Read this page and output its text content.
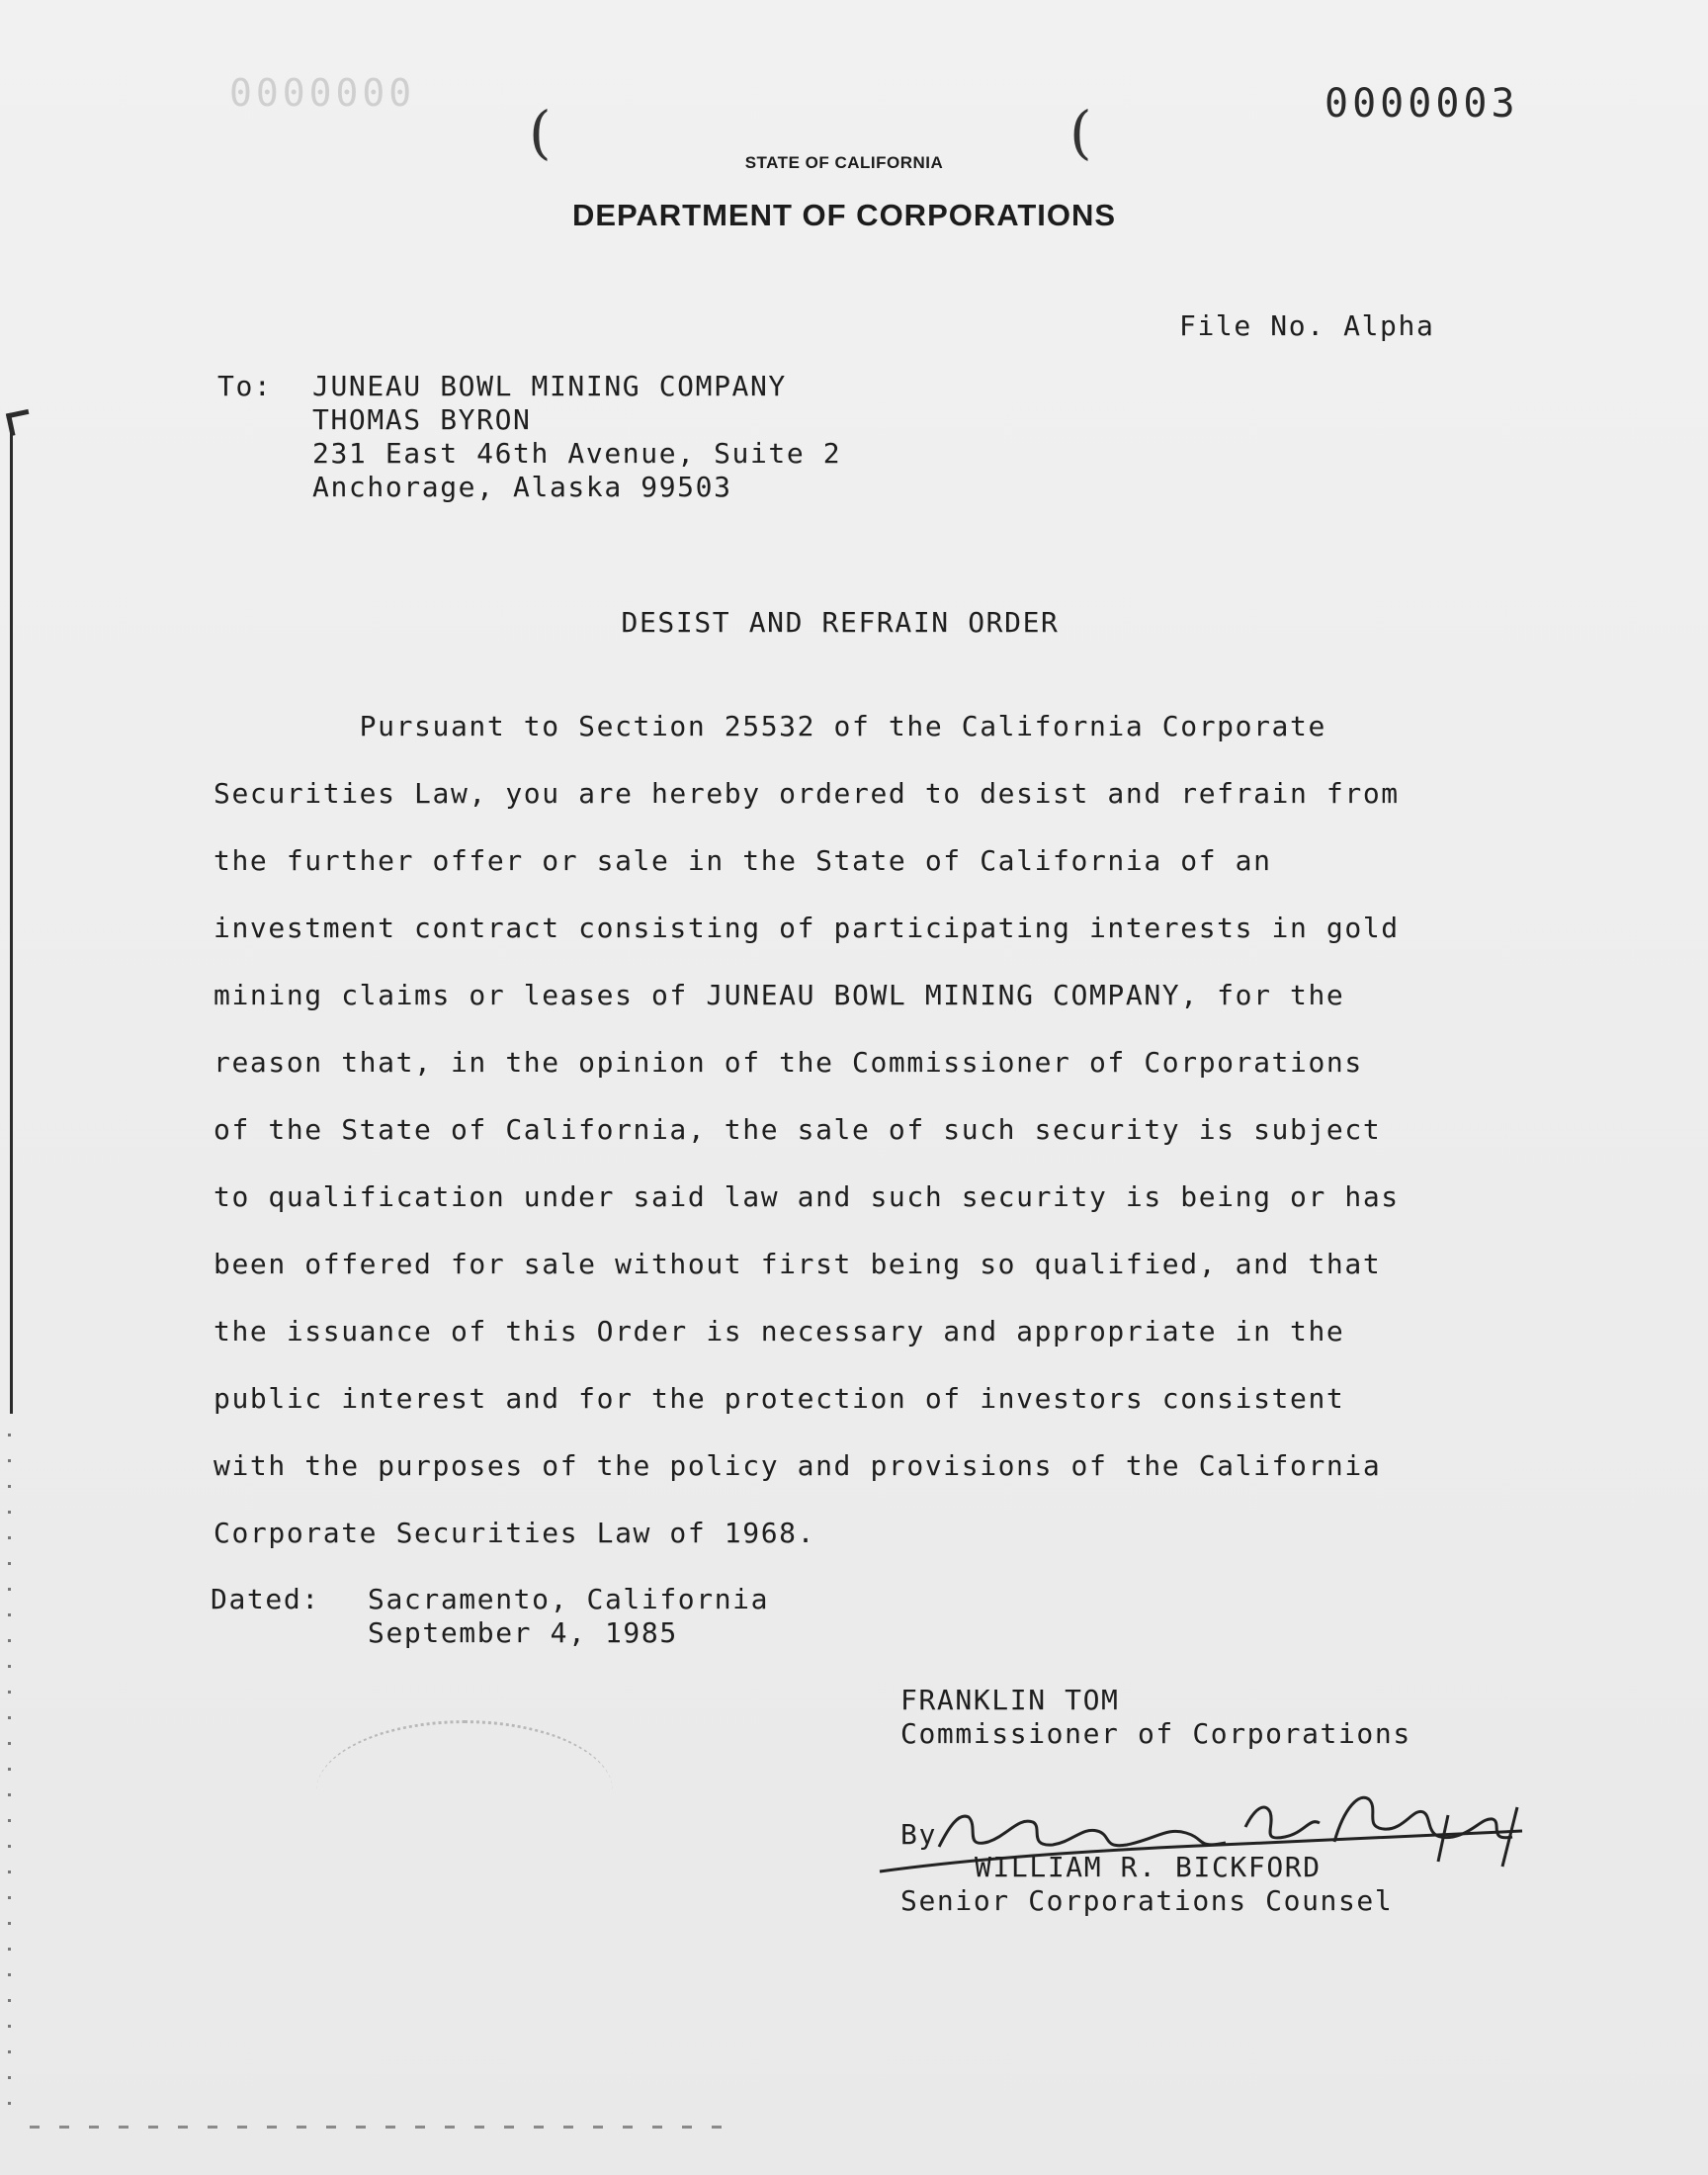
0000000	0000003
(	(
STATE OF CALIFORNIA
DEPARTMENT OF CORPORATIONS
File No. Alpha
To: JUNEAU BOWL MINING COMPANY
THOMAS BYRON
231 East 46th Avenue, Suite 2
Anchorage, Alaska 99503
DESIST AND REFRAIN ORDER
Pursuant to Section 25532 of the California Corporate
Securities Law, you are hereby ordered to desist and refrain from
the further offer or sale in the State of California of an
investment contract consisting of participating interests in gold
mining claims or leases of JUNEAU BOWL MINING COMPANY, for the
reason that, in the opinion of the Commissioner of Corporations
of the State of California, the sale of such security is subject
to qualification under said law and such security is being or has
been offered for sale without first being so qualified, and that
the issuance of this Order is necessary and appropriate in the
public interest and for the protection of investors consistent
with the purposes of the policy and provisions of the California
Corporate Securities Law of 1968.
Dated: Sacramento, California
September 4, 1985
FRANKLIN TOM
Commissioner of Corporations
By
WILLIAM R. BICKFORD
Senior Corporations Counsel
